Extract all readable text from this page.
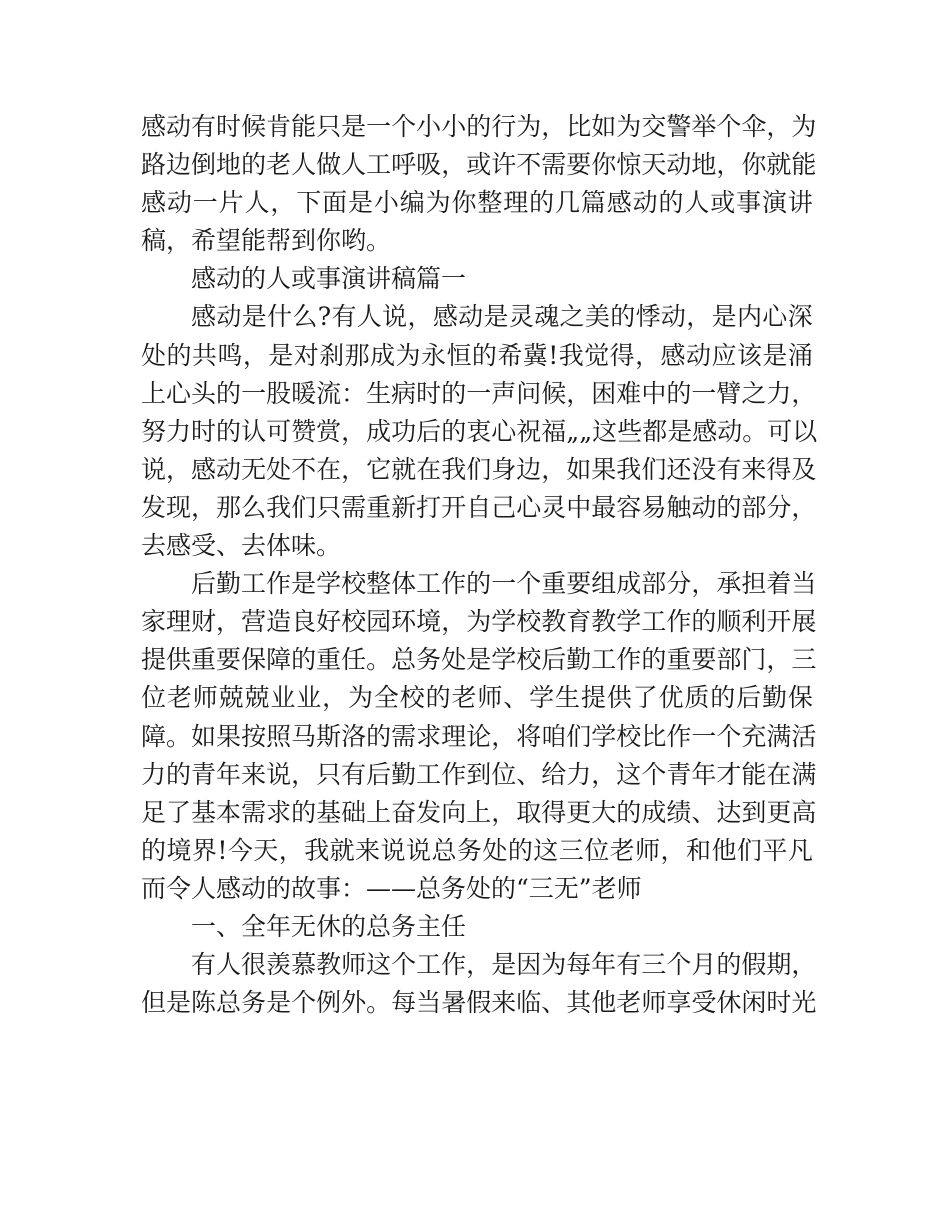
感 动 有 时 候 肯 能 只 是 一 个 小 小 的 行 为 ， 比 如 为 交 警 举 个 伞 ， 为
路 边 倒 地 的 老 人 做 人 工 呼 吸 ， 或 许 不 需 要 你 惊 天 动 地 ， 你 就 能
感 动 一 片 人 ， 下 面 是 小 编 为 你 整 理 的 几 篇 感 动 的 人 或 事 演 讲
稿，希望能帮到你哟。
感动的人或事演讲稿篇一
感 动 是 什 么 ? 有 人 说 ， 感 动 是 灵 魂 之 美 的 悸 动 ， 是 内 心 深
处 的 共 鸣 ， 是 对 刹 那 成 为 永 恒 的 希 冀 ! 我 觉 得 ， 感 动 应 该 是 涌
上 心 头 的 一 股 暖 流 ： 生 病 时 的 一 声 问 候 ， 困 难 中 的 一 臂 之 力 ，
努 力 时 的 认 可 赞 赏 ， 成 功 后 的 衷 心 祝 福 „ „ 这 些 都 是 感 动 。 可 以
说 ， 感 动 无 处 不 在 ， 它 就 在 我 们 身 边 ， 如 果 我 们 还 没 有 来 得 及
发 现 ， 那 么 我 们 只 需 重 新 打 开 自 己 心 灵 中 最 容 易 触 动 的 部 分 ，
去感受、去体味。
后 勤 工 作 是 学 校 整 体 工 作 的 一 个 重 要 组 成 部 分 ， 承 担 着 当
家 理 财 ， 营 造 良 好 校 园 环 境 ， 为 学 校 教 育 教 学 工 作 的 顺 利 开 展
提 供 重 要 保 障 的 重 任 。 总 务 处 是 学 校 后 勤 工 作 的 重 要 部 门 ， 三
位 老 师 兢 兢 业 业 ， 为 全 校 的 老 师 、 学 生 提 供 了 优 质 的 后 勤 保
障 。 如 果 按 照 马 斯 洛 的 需 求 理 论 ， 将 咱 们 学 校 比 作 一 个 充 满 活
力 的 青 年 来 说 ， 只 有 后 勤 工 作 到 位 、 给 力 ， 这 个 青 年 才 能 在 满
足 了 基 本 需 求 的 基 础 上 奋 发 向 上 ， 取 得 更 大 的 成 绩 、 达 到 更 高
的 境 界 ! 今 天 ， 我 就 来 说 说 总 务 处 的 这 三 位 老 师 ， 和 他 们 平 凡
而令人感动的故事：——总务处的“三无”老师
一、全年无休的总务主任
有 人 很 羡 慕 教 师 这 个 工 作 ， 是 因 为 每 年 有 三 个 月 的 假 期 ，
但 是 陈 总 务 是 个 例 外 。 每 当 暑 假 来 临 、 其 他 老 师 享 受 休 闲 时 光
